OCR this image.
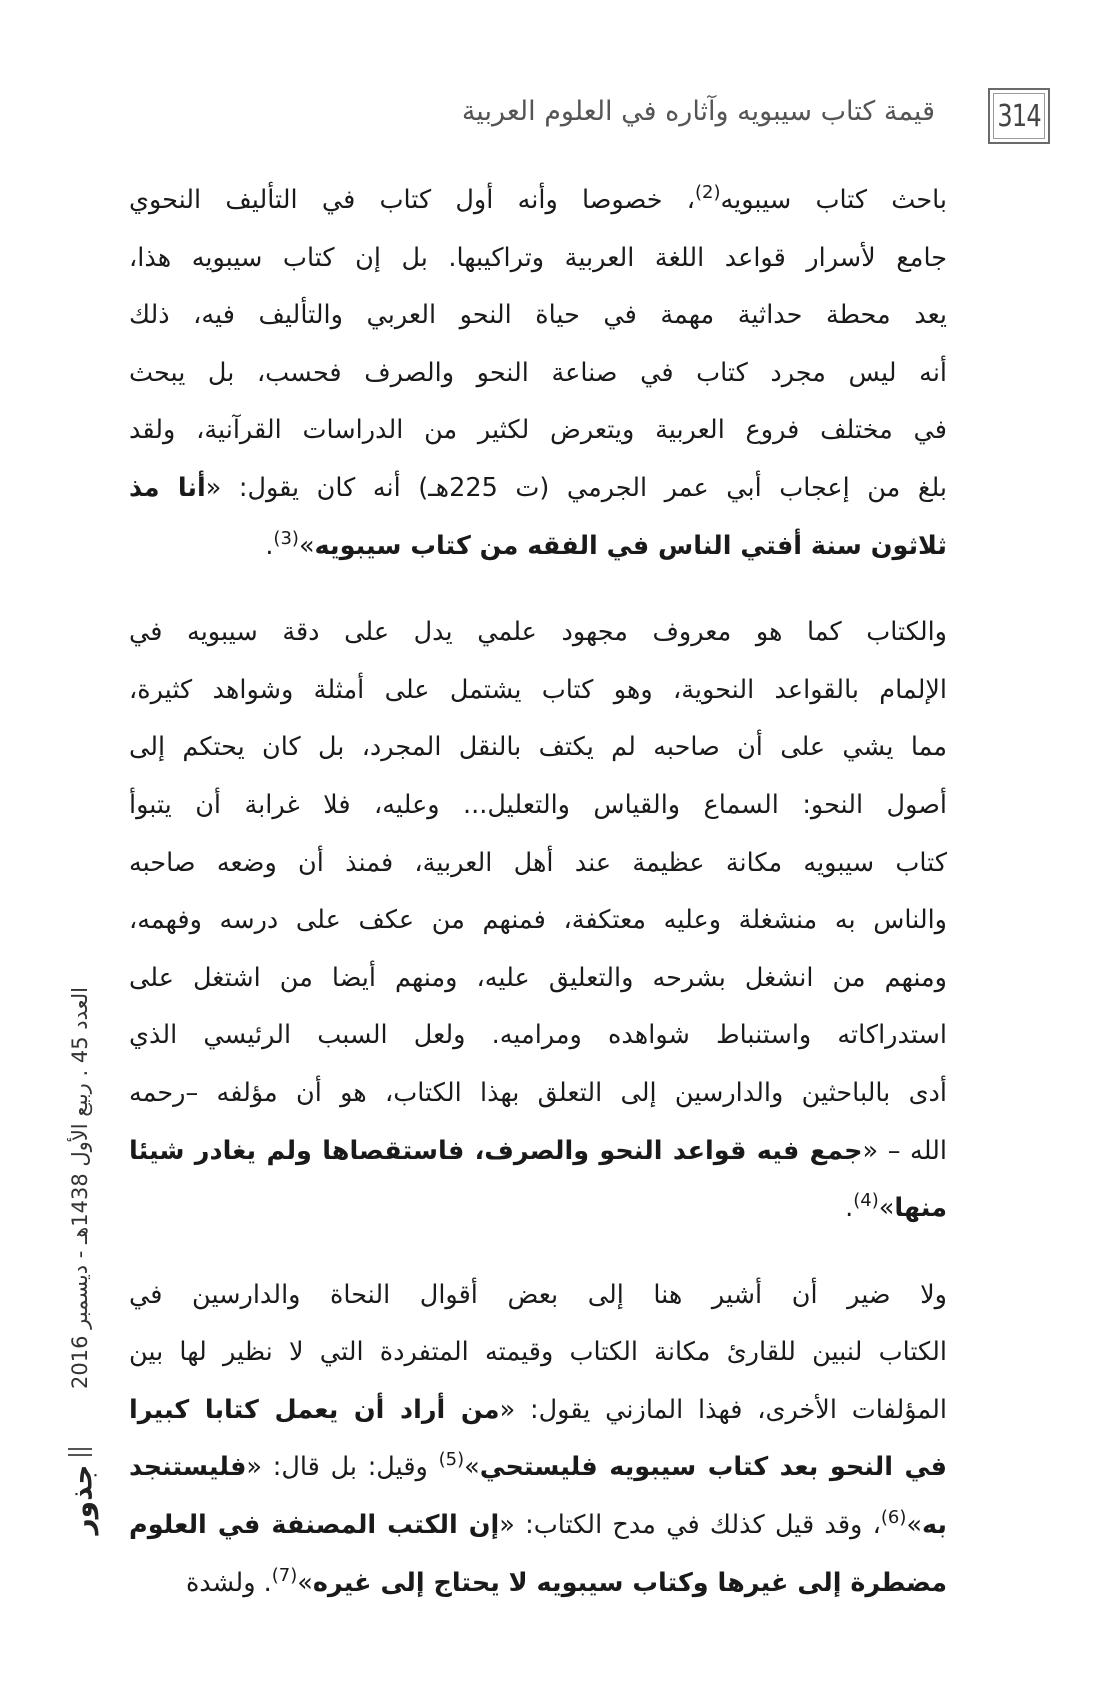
314
قيمة كتاب سيبويه وآثاره في العلوم العربية

باحث كتاب سيبويه$^{(2)}$، خصوصا وأنه أول كتاب في التأليف النحوي
جامع لأسرار قواعد اللغة العربية وتراكيبها. بل إن كتاب سيبويه هذا،
يعد محطة حداثية مهمة في حياة النحو العربي والتأليف فيه، ذلك
أنه ليس مجرد كتاب في صناعة النحو والصرف فحسب، بل يبحث
في مختلف فروع العربية ويتعرض لكثير من الدراسات القرآنية، ولقد
بلغ من إعجاب أبي عمر الجرمي (ت 225هـ) أنه كان يقول: «أنا مذ
ثلاثون سنة أفتي الناس في الفقه من كتاب سيبويه»$^{(3)}$.

والكتاب كما هو معروف مجهود علمي يدل على دقة سيبويه في
الإلمام بالقواعد النحوية، وهو كتاب يشتمل على أمثلة وشواهد كثيرة،
مما يشي على أن صاحبه لم يكتف بالنقل المجرد، بل كان يحتكم إلى
أصول النحو: السماع والقياس والتعليل... وعليه، فلا غرابة أن يتبوأ
كتاب سيبويه مكانة عظيمة عند أهل العربية، فمنذ أن وضعه صاحبه
والناس به منشغلة وعليه معتكفة، فمنهم من عكف على درسه وفهمه،
ومنهم من انشغل بشرحه والتعليق عليه، ومنهم أيضا من اشتغل على
استدراكاته واستنباط شواهده ومراميه. ولعل السبب الرئيسي الذي
أدى بالباحثين والدارسين إلى التعلق بهذا الكتاب، هو أن مؤلفه –رحمه
الله – «جمع فيه قواعد النحو والصرف، فاستقصاها ولم يغادر شيئا
منها»$^{(4)}$.

ولا ضير أن أشير هنا إلى بعض أقوال النحاة والدارسين في
الكتاب لنبين للقارئ مكانة الكتاب وقيمته المتفردة التي لا نظير لها بين
المؤلفات الأخرى، فهذا المازني يقول: «من أراد أن يعمل كتابا كبيرا
في النحو بعد كتاب سيبويه فليستحي»$^{(5)}$ وقيل: بل قال: «فليستنجد
به»$^{(6)}$، وقد قيل كذلك في مدح الكتاب: «إن الكتب المصنفة في العلوم
مضطرة إلى غيرها وكتاب سيبويه لا يحتاج إلى غيره»$^{(7)}$. ولشدة

العدد 45 . ربيع الأول 1438هـ - ديسمبر 2016
جذور
